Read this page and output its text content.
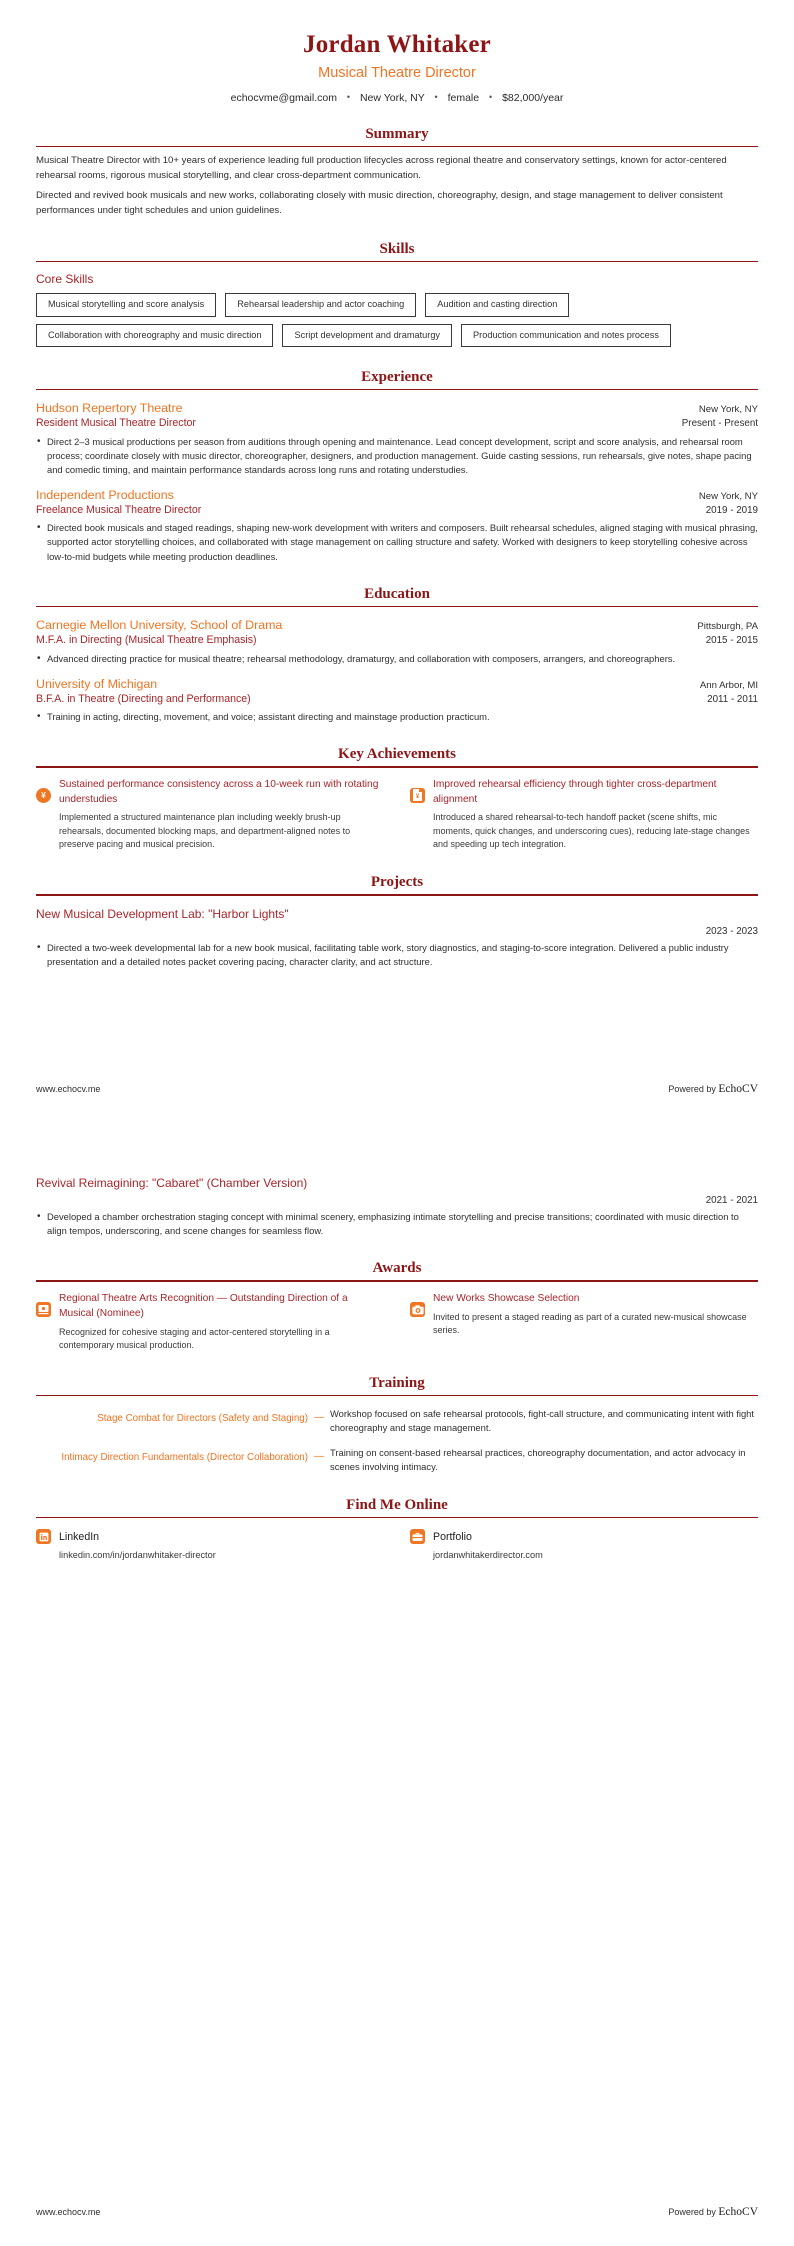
Jordan Whitaker
Musical Theatre Director
echocvme@gmail.com • New York, NY • female • $82,000/year
Summary
Musical Theatre Director with 10+ years of experience leading full production lifecycles across regional theatre and conservatory settings, known for actor-centered rehearsal rooms, rigorous musical storytelling, and clear cross-department communication.
Directed and revived book musicals and new works, collaborating closely with music direction, choreography, design, and stage management to deliver consistent performances under tight schedules and union guidelines.
Skills
Core Skills
Musical storytelling and score analysis	Rehearsal leadership and actor coaching	Audition and casting direction
Collaboration with choreography and music direction	Script development and dramaturgy	Production communication and notes process
Experience
Hudson Repertory Theatre	New York, NY
Resident Musical Theatre Director	Present - Present
• Direct 2–3 musical productions per season from auditions through opening and maintenance. Lead concept development, script and score analysis, and rehearsal room process; coordinate closely with music director, choreographer, designers, and production management. Guide casting sessions, run rehearsals, give notes, shape pacing and comedic timing, and maintain performance standards across long runs and rotating understudies.
Independent Productions	New York, NY
Freelance Musical Theatre Director	2019 - 2019
• Directed book musicals and staged readings, shaping new-work development with writers and composers. Built rehearsal schedules, aligned staging with musical phrasing, supported actor storytelling choices, and collaborated with stage management on calling structure and safety. Worked with designers to keep storytelling cohesive across low-to-mid budgets while meeting production deadlines.
Education
Carnegie Mellon University, School of Drama	Pittsburgh, PA
M.F.A. in Directing (Musical Theatre Emphasis)	2015 - 2015
• Advanced directing practice for musical theatre; rehearsal methodology, dramaturgy, and collaboration with composers, arrangers, and choreographers.
University of Michigan	Ann Arbor, MI
B.F.A. in Theatre (Directing and Performance)	2011 - 2011
• Training in acting, directing, movement, and voice; assistant directing and mainstage production practicum.
Key Achievements
¥
Sustained performance consistency across a 10-week run with rotating understudies
Implemented a structured maintenance plan including weekly brush-up rehearsals, documented blocking maps, and department-aligned notes to preserve pacing and musical precision.
¥
Improved rehearsal efficiency through tighter cross-department alignment
Introduced a shared rehearsal-to-tech handoff packet (scene shifts, mic moments, quick changes, and underscoring cues), reducing late-stage changes and speeding up tech integration.
Projects
New Musical Development Lab: "Harbor Lights"
2023 - 2023
• Directed a two-week developmental lab for a new book musical, facilitating table work, story diagnostics, and staging-to-score integration. Delivered a public industry presentation and a detailed notes packet covering pacing, character clarity, and act structure.
www.echocv.me	Powered by EchoCV
Revival Reimagining: "Cabaret" (Chamber Version)
2021 - 2021
• Developed a chamber orchestration staging concept with minimal scenery, emphasizing intimate storytelling and precise transitions; coordinated with music direction to align tempos, underscoring, and scene changes for seamless flow.
Awards
Regional Theatre Arts Recognition — Outstanding Direction of a Musical (Nominee)
Recognized for cohesive staging and actor-centered storytelling in a contemporary musical production.
New Works Showcase Selection
Invited to present a staged reading as part of a curated new-musical showcase series.
Training
Stage Combat for Directors (Safety and Staging) — Workshop focused on safe rehearsal protocols, fight-call structure, and communicating intent with fight choreography and stage management.
Intimacy Direction Fundamentals (Director Collaboration) — Training on consent-based rehearsal practices, choreography documentation, and actor advocacy in scenes involving intimacy.
Find Me Online
LinkedIn
linkedin.com/in/jordanwhitaker-director
Portfolio
jordanwhitakerdirector.com
www.echocv.me	Powered by EchoCV
